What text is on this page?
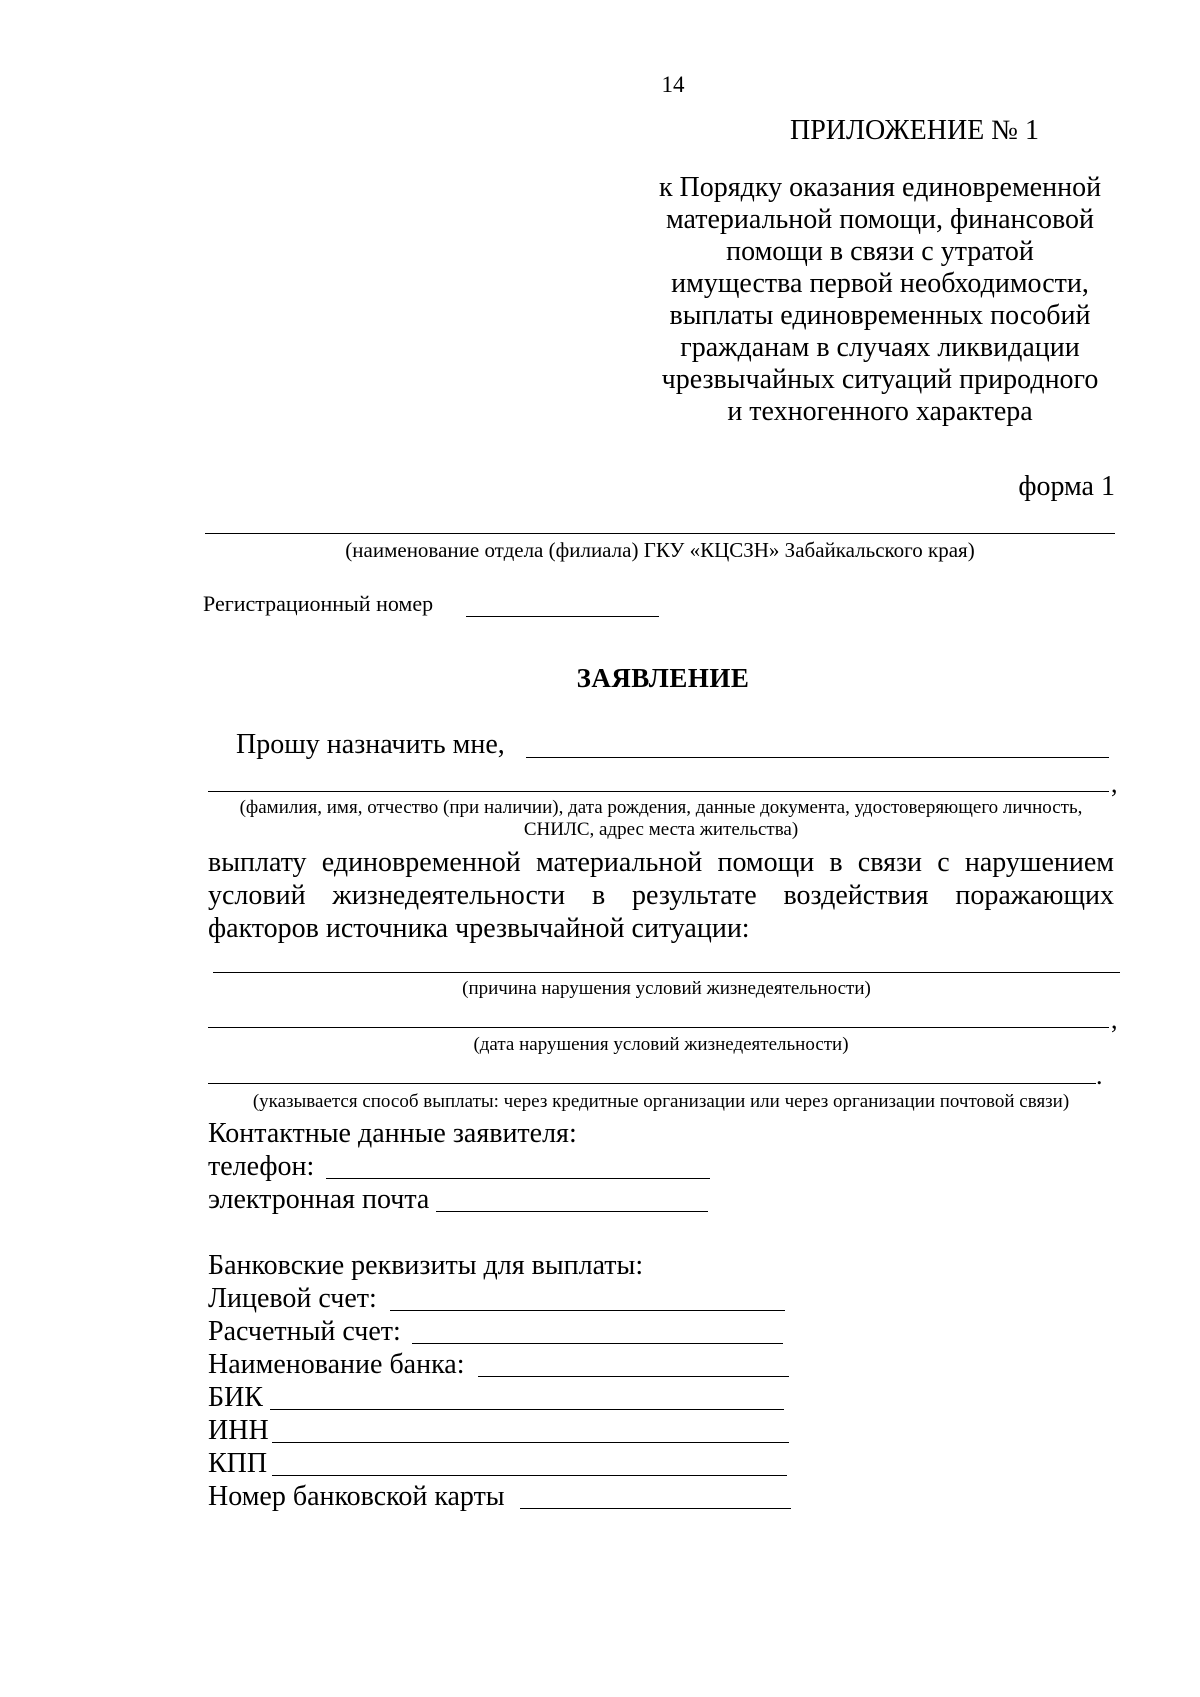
14
ПРИЛОЖЕНИЕ № 1
к Порядку оказания единовременной
материальной помощи, финансовой
помощи в связи с утратой
имущества первой необходимости,
выплаты единовременных пособий
гражданам в случаях ликвидации
чрезвычайных ситуаций природного
и техногенного характера
форма 1
(наименование отдела (филиала) ГКУ «КЦСЗН» Забайкальского края)
Регистрационный номер
ЗАЯВЛЕНИЕ
Прошу назначить мне,
,
(фамилия, имя, отчество (при наличии), дата рождения, данные документа, удостоверяющего личность,
СНИЛС, адрес места жительства)
выплату единовременной материальной помощи в связи с нарушением
условий жизнедеятельности в результате воздействия поражающих
факторов источника чрезвычайной ситуации:
(причина нарушения условий жизнедеятельности)
,
(дата нарушения условий жизнедеятельности)
.
(указывается способ выплаты: через кредитные организации или через организации почтовой связи)
Контактные данные заявителя:
телефон:
электронная почта
Банковские реквизиты для выплаты:
Лицевой счет:
Расчетный счет:
Наименование банка:
БИК
ИНН
КПП
Номер банковской карты
